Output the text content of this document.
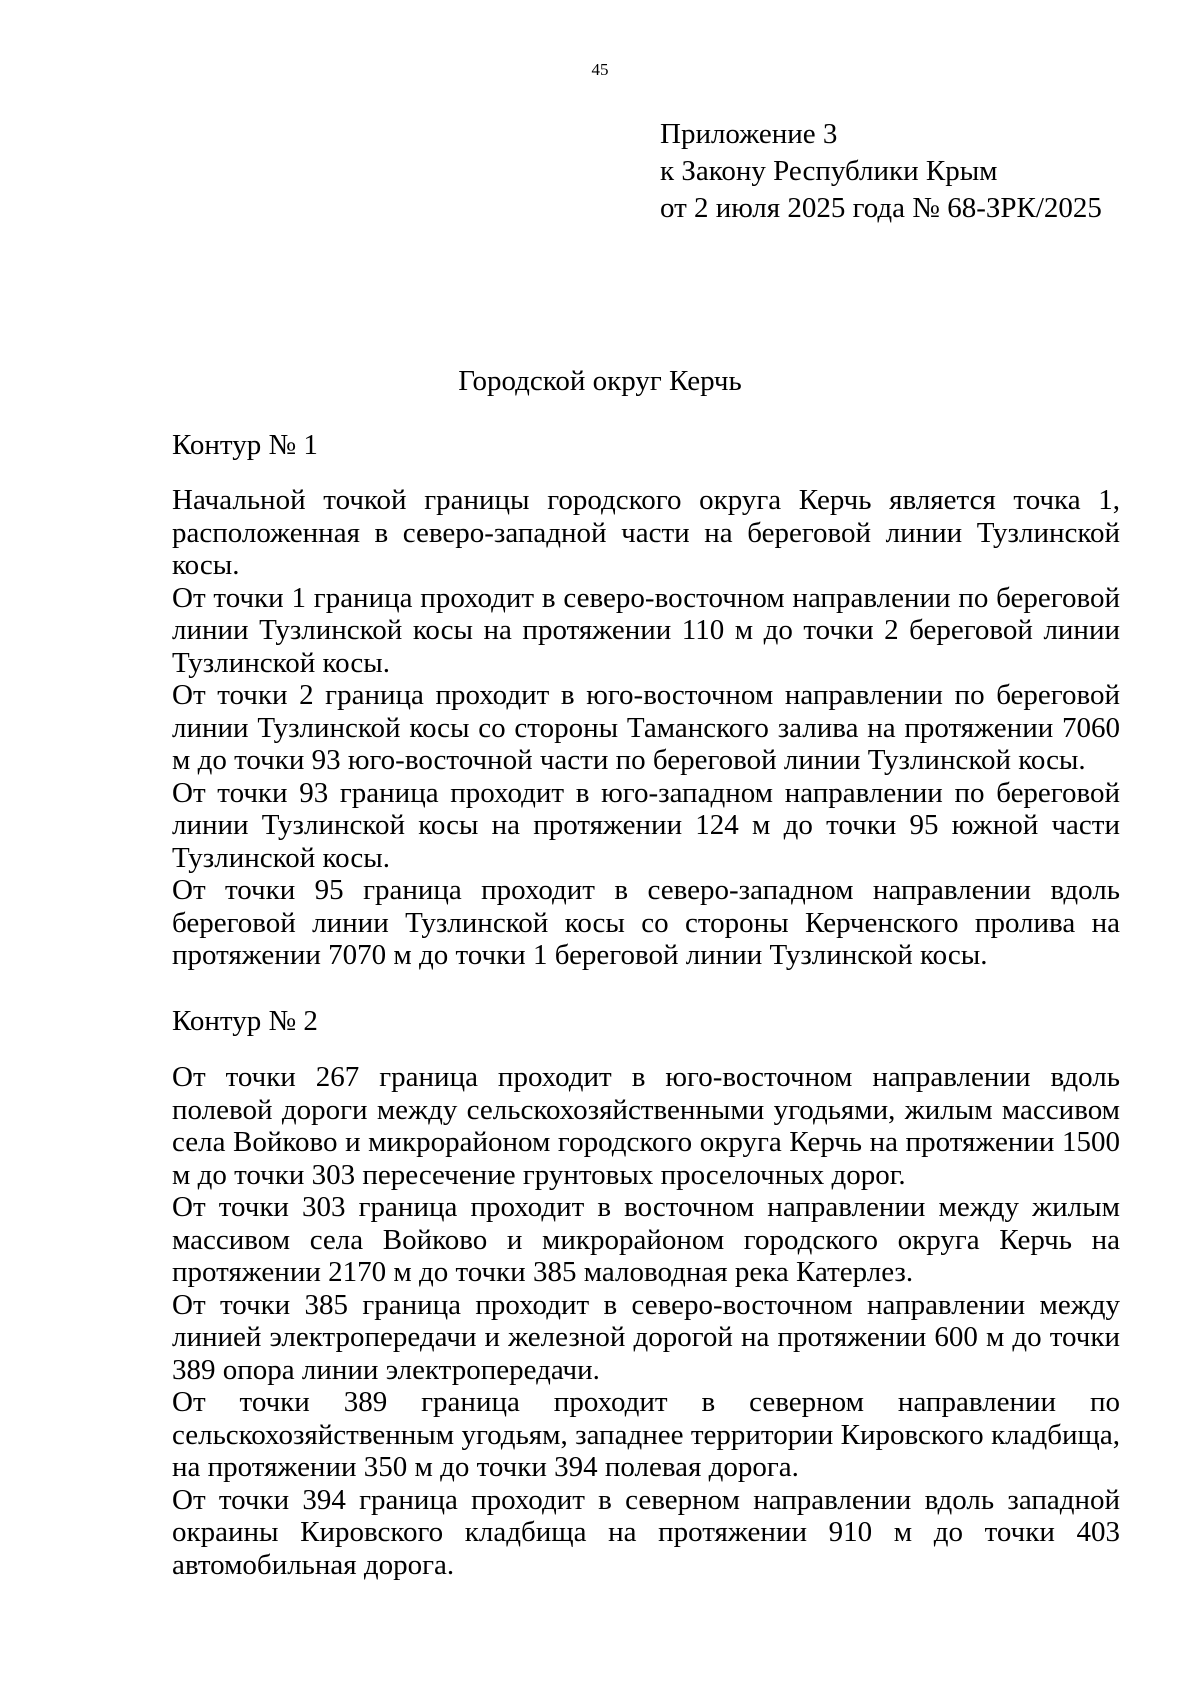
45
Приложение 3
к Закону Республики Крым
от 2 июля 2025 года № 68-ЗРК/2025
Городской округ Керчь
Контур № 1

Начальной точкой границы городского округа Керчь является точка 1, расположенная в северо-западной части на береговой линии Тузлинской косы.

От точки 1 граница проходит в северо-восточном направлении по береговой линии Тузлинской косы на протяжении 110 м до точки 2 береговой линии Тузлинской косы.

От точки 2 граница проходит в юго-восточном направлении по береговой линии Тузлинской косы со стороны Таманского залива на протяжении 7060 м до точки 93 юго-восточной части по береговой линии Тузлинской косы.

От точки 93 граница проходит в юго-западном направлении по береговой линии Тузлинской косы на протяжении 124 м до точки 95 южной части Тузлинской косы.

От точки 95 граница проходит в северо-западном направлении вдоль береговой линии Тузлинской косы со стороны Керченского пролива на протяжении 7070 м до точки 1 береговой линии Тузлинской косы.

Контур № 2

От точки 267 граница проходит в юго-восточном направлении вдоль полевой дороги между сельскохозяйственными угодьями, жилым массивом села Войково и микрорайоном городского округа Керчь на протяжении 1500 м до точки 303 пересечение грунтовых проселочных дорог.

От точки 303 граница проходит в восточном направлении между жилым массивом села Войково и микрорайоном городского округа Керчь на протяжении 2170 м до точки 385 маловодная река Катерлез.

От точки 385 граница проходит в северо-восточном направлении между линией электропередачи и железной дорогой на протяжении 600 м до точки 389 опора линии электропередачи.

От точки 389 граница проходит в северном направлении по сельскохозяйственным угодьям, западнее территории Кировского кладбища, на протяжении 350 м до точки 394 полевая дорога.

От точки 394 граница проходит в северном направлении вдоль западной окраины Кировского кладбища на протяжении 910 м до точки 403 автомобильная дорога.
